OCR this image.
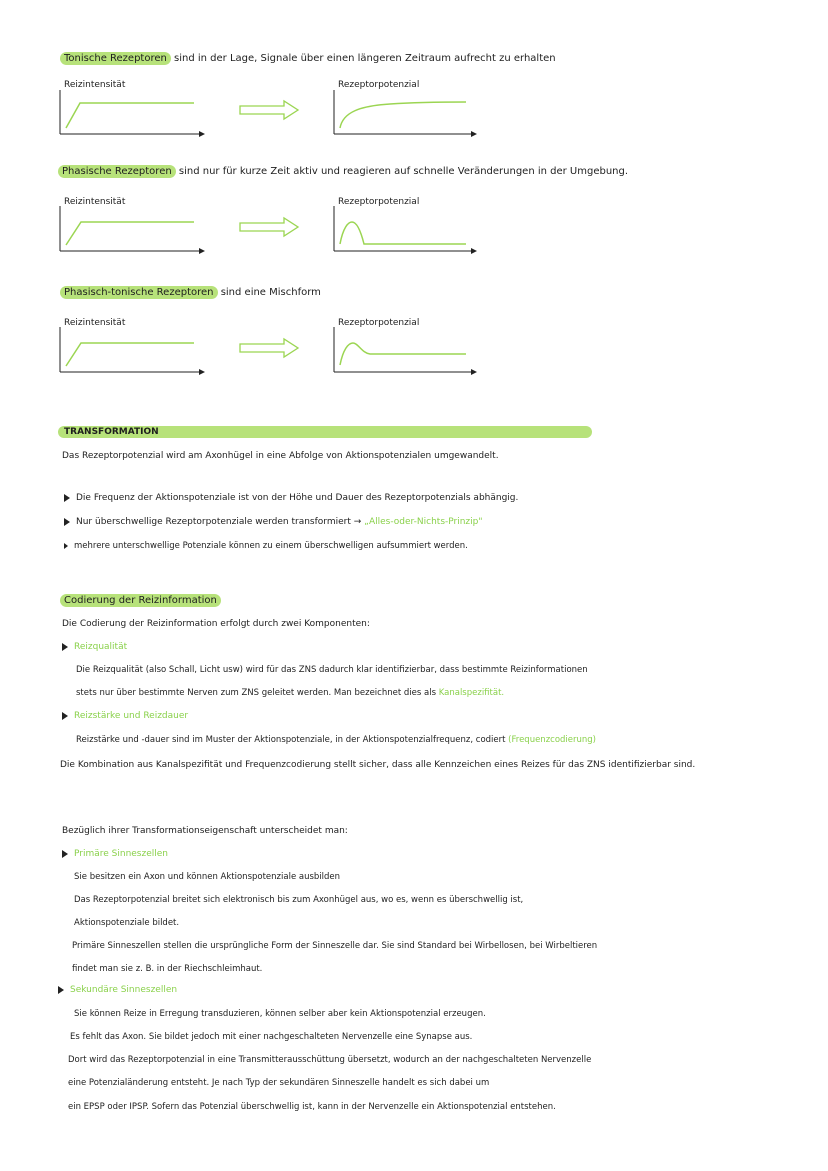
Tonische Rezeptoren sind in der Lage, Signale über einen längeren Zeitraum aufrecht zu erhalten
Reizintensität	Rezeptorpotenzial
Phasische Rezeptoren sind nur für kurze Zeit aktiv und reagieren auf schnelle Veränderungen in der Umgebung.
Reizintensität	Rezeptorpotenzial
Phasisch-tonische Rezeptoren sind eine Mischform
Reizintensität	Rezeptorpotenzial
TRANSFORMATION
Das Rezeptorpotenzial wird am Axonhügel in eine Abfolge von Aktionspotenzialen umgewandelt.
Die Frequenz der Aktionspotenziale ist von der Höhe und Dauer des Rezeptorpotenzials abhängig.
Nur überschwellige Rezeptorpotenziale werden transformiert → „Alles-oder-Nichts-Prinzip"
mehrere unterschwellige Potenziale können zu einem überschwelligen aufsummiert werden.
Codierung der Reizinformation
Die Codierung der Reizinformation erfolgt durch zwei Komponenten:
Reizqualität
Die Reizqualität (also Schall, Licht usw) wird für das ZNS dadurch klar identifizierbar, dass bestimmte Reizinformationen
stets nur über bestimmte Nerven zum ZNS geleitet werden. Man bezeichnet dies als Kanalspezifität.
Reizstärke und Reizdauer
Reizstärke und -dauer sind im Muster der Aktionspotenziale, in der Aktionspotenzialfrequenz, codiert (Frequenzcodierung)
Die Kombination aus Kanalspezifität und Frequenzcodierung stellt sicher, dass alle Kennzeichen eines Reizes für das ZNS identifizierbar sind.
Bezüglich ihrer Transformationseigenschaft unterscheidet man:
Primäre Sinneszellen
Sie besitzen ein Axon und können Aktionspotenziale ausbilden
Das Rezeptorpotenzial breitet sich elektronisch bis zum Axonhügel aus, wo es, wenn es überschwellig ist,
Aktionspotenziale bildet.
Primäre Sinneszellen stellen die ursprüngliche Form der Sinneszelle dar. Sie sind Standard bei Wirbellosen, bei Wirbeltieren
findet man sie z. B. in der Riechschleimhaut.
Sekundäre Sinneszellen
Sie können Reize in Erregung transduzieren, können selber aber kein Aktionspotenzial erzeugen.
Es fehlt das Axon. Sie bildet jedoch mit einer nachgeschalteten Nervenzelle eine Synapse aus.
Dort wird das Rezeptorpotenzial in eine Transmitterausschüttung übersetzt, wodurch an der nachgeschalteten Nervenzelle
eine Potenzialänderung entsteht. Je nach Typ der sekundären Sinneszelle handelt es sich dabei um
ein EPSP oder IPSP. Sofern das Potenzial überschwellig ist, kann in der Nervenzelle ein Aktionspotenzial entstehen.
